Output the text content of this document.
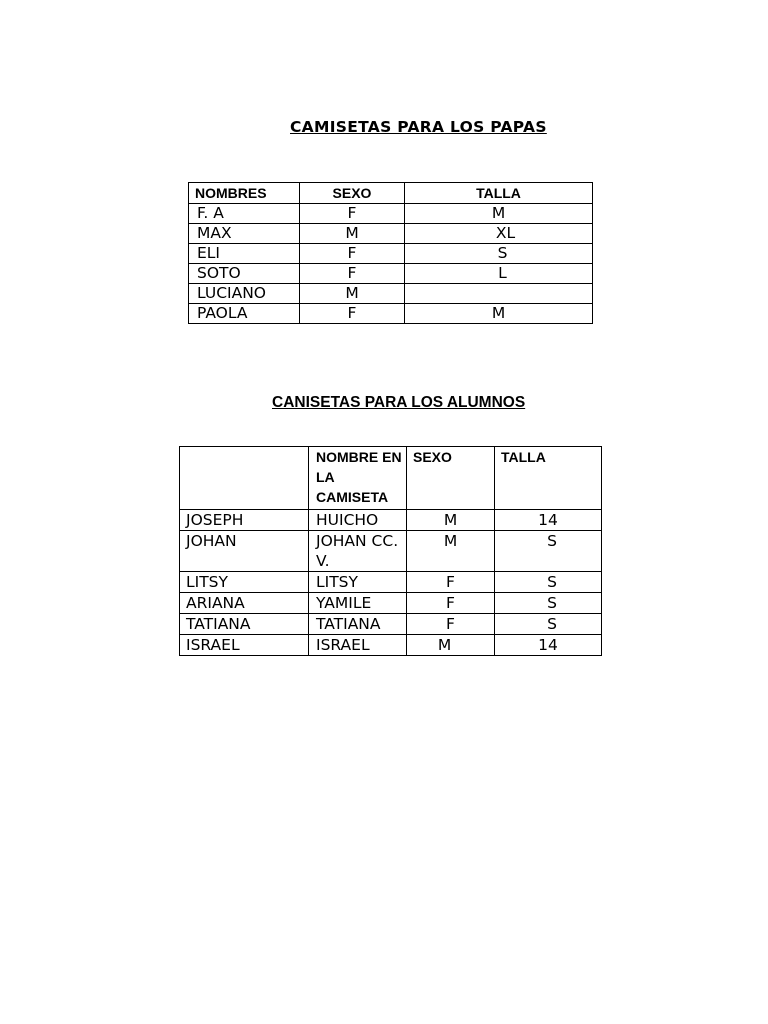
CAMISETAS PARA LOS PAPAS
NOMBRES	SEXO	TALLA
F. A	F	M
MAX	M	XL
ELI	F	S
SOTO	F	L
LUCIANO	M	
PAOLA	F	M
CANISETAS PARA LOS ALUMNOS
	NOMBRE EN LA CAMISETA	SEXO	TALLA
JOSEPH	HUICHO	M	14
JOHAN	JOHAN CC. V.	M	S
LITSY	LITSY	F	S
ARIANA	YAMILE	F	S
TATIANA	TATIANA	F	S
ISRAEL	ISRAEL	M	14
